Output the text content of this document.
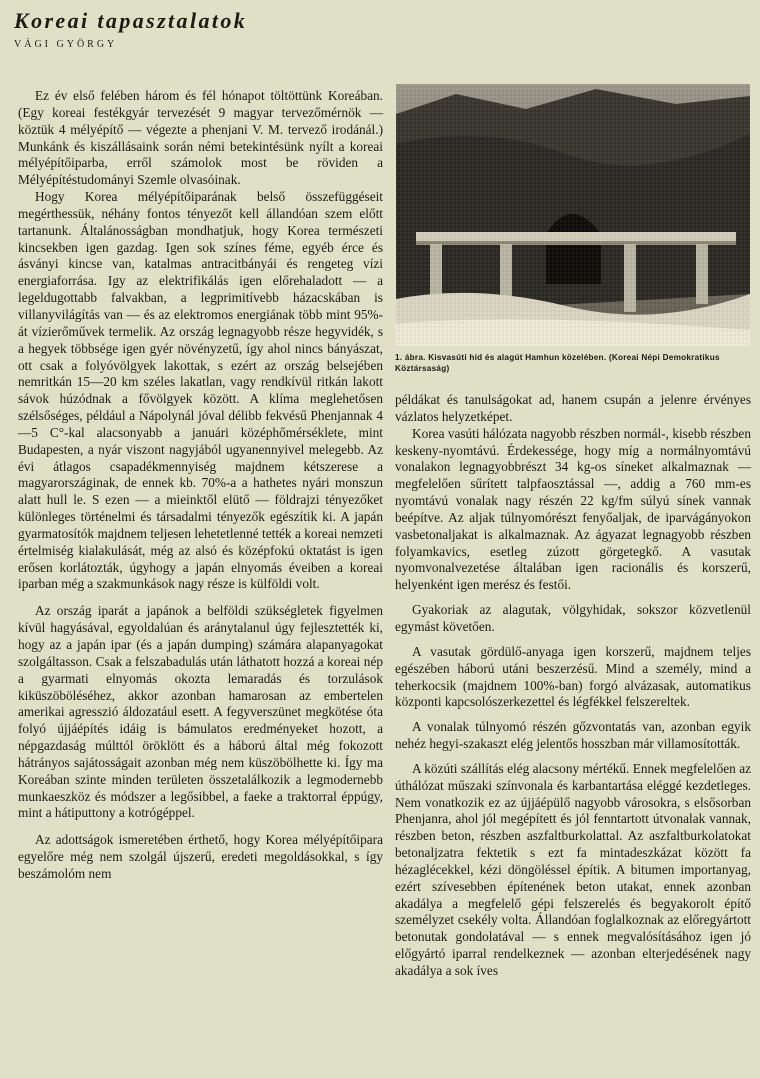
Koreai tapasztalatok
VÁGI GYÖRGY

Ez év első felében három és fél hónapot töltöttünk Koreában. (Egy koreai festékgyár tervezését 9 magyar tervezőmérnök — köztük 4 mélyépítő — végezte a phenjani V. M. tervező irodánál.) Munkánk és kiszállásaink során némi betekintésünk nyílt a koreai mélyépítőiparba, erről számolok most be röviden a Mélyépítéstudományi Szemle olvasóinak.

Hogy Korea mélyépítőiparának belső összefüggéseit megérthessük, néhány fontos tényezőt kell állandóan szem előtt tartanunk. Általánosságban mondhatjuk, hogy Korea természeti kincsekben igen gazdag. Igen sok színes féme, egyéb érce és ásványi kincse van, katalmas antracitbányái és rengeteg vízi energiaforrása. Igy az elektrifikálás igen előrehaladott — a legeldugottabb falvakban, a legprimitívebb házacskában is villanyvilágítás van — és az elektromos energiának több mint 95%-át vízierőművek termelik. Az ország legnagyobb része hegyvidék, s a hegyek többsége igen gyér növényzetű, így ahol nincs bányászat, ott csak a folyóvölgyek lakottak, s ezért az ország belsejében nemritkán 15—20 km széles lakatlan, vagy rendkívül ritkán lakott sávok húzódnak a fővölgyek között. A klíma meglehetősen szélsőséges, például a Nápolynál jóval délibb fekvésű Phenjannak 4—5 C°-kal alacsonyabb a januári középhőmérséklete, mint Budapesten, a nyár viszont nagyjából ugyanennyivel melegebb. Az évi átlagos csapadékmennyiség majdnem kétszerese a magyarországinak, de ennek kb. 70%-a a hathetes nyári monszun alatt hull le. S ezen — a mieinktől elütő — földrajzi tényezőket különleges történelmi és társadalmi tényezők egészítik ki. A japán gyarmatosítók majdnem teljesen lehetetlenné tették a koreai nemzeti értelmiség kialakulását, még az alsó és középfokú oktatást is igen erősen korlátozták, úgyhogy a japán elnyomás éveiben a koreai iparban még a szakmunkások nagy része is külföldi volt.

Az ország iparát a japánok a belföldi szükségletek figyelmen kívül hagyásával, egyoldalúan és aránytalanul úgy fejlesztették ki, hogy az a japán ipar (és a japán dumping) számára alapanyagokat szolgáltasson. Csak a felszabadulás után láthatott hozzá a koreai nép a gyarmati elnyomás okozta lemaradás és torzulások kiküszöböléséhez, akkor azonban hamarosan az embertelen amerikai agresszió áldozatául esett. A fegyverszünet megkötése óta folyó újjáépítés idáig is bámulatos eredményeket hozott, a népgazdaság múlttól öröklött és a háború által még fokozott hátrányos sajátosságait azonban még nem küszöbölhette ki. Így ma Koreában szinte minden területen összetalálkozik a legmodernebb munkaeszköz és módszer a legősibbel, a faeke a traktorral éppúgy, mint a hátiputtony a kotrógéppel.

Az adottságok ismeretében érthető, hogy Korea mélyépítőipara egyelőre még nem szolgál újszerű, eredeti megoldásokkal, s így beszámolóm nem

1. ábra. Kisvasúti híd és alagút Hamhun közelében. (Koreai Népi Demokratikus Köztársaság)

példákat és tanulságokat ad, hanem csupán a jelenre érvényes vázlatos helyzetképet.

Korea vasúti hálózata nagyobb részben normál-, kisebb részben keskeny-nyomtávú. Érdekessége, hogy míg a normálnyomtávú vonalakon legnagyobbrészt 34 kg-os síneket alkalmaznak — megfelelően sűrített talpfaosztással —, addig a 760 mm-es nyomtávú vonalak nagy részén 22 kg/fm súlyú sínek vannak beépítve. Az aljak túlnyomórészt fenyőaljak, de iparvágányokon vasbetonaljakat is alkalmaznak. Az ágyazat legnagyobb részben folyamkavics, esetleg zúzott görgetegkő. A vasutak nyomvonalvezetése általában igen racionális és korszerű, helyenként igen merész és festői.

Gyakoriak az alagutak, völgyhidak, sokszor közvetlenül egymást követően.

A vasutak gördülő-anyaga igen korszerű, majdnem teljes egészében háború utáni beszerzésű. Mind a személy, mind a teherkocsik (majdnem 100%-ban) forgó alvázasak, automatikus központi kapcsolószerkezettel és légfékkel felszereltek.

A vonalak túlnyomó részén gőzvontatás van, azonban egyik nehéz hegyi-szakaszt elég jelentős hosszban már villamosították.

A közúti szállítás elég alacsony mértékű. Ennek megfelelően az úthálózat műszaki színvonala és karbantartása eléggé kezdetleges. Nem vonatkozik ez az újjáépülő nagyobb városokra, s elsősorban Phenjanra, ahol jól megépített és jól fenntartott útvonalak vannak, részben beton, részben aszfaltburkolattal. Az aszfaltburkolatokat betonaljzatra fektetik s ezt fa mintadeszkázat között fa hézaglécekkel, kézi döngöléssel építik. A bitumen importanyag, ezért szívesebben építenének beton utakat, ennek azonban akadálya a megfelelő gépi felszerelés és begyakorolt építő személyzet csekély volta. Állandóan foglalkoznak az előregyártott betonutak gondolatával — s ennek megvalósításához igen jó előgyártó iparral rendelkeznek — azonban elterjedésének nagy akadálya a sok íves
